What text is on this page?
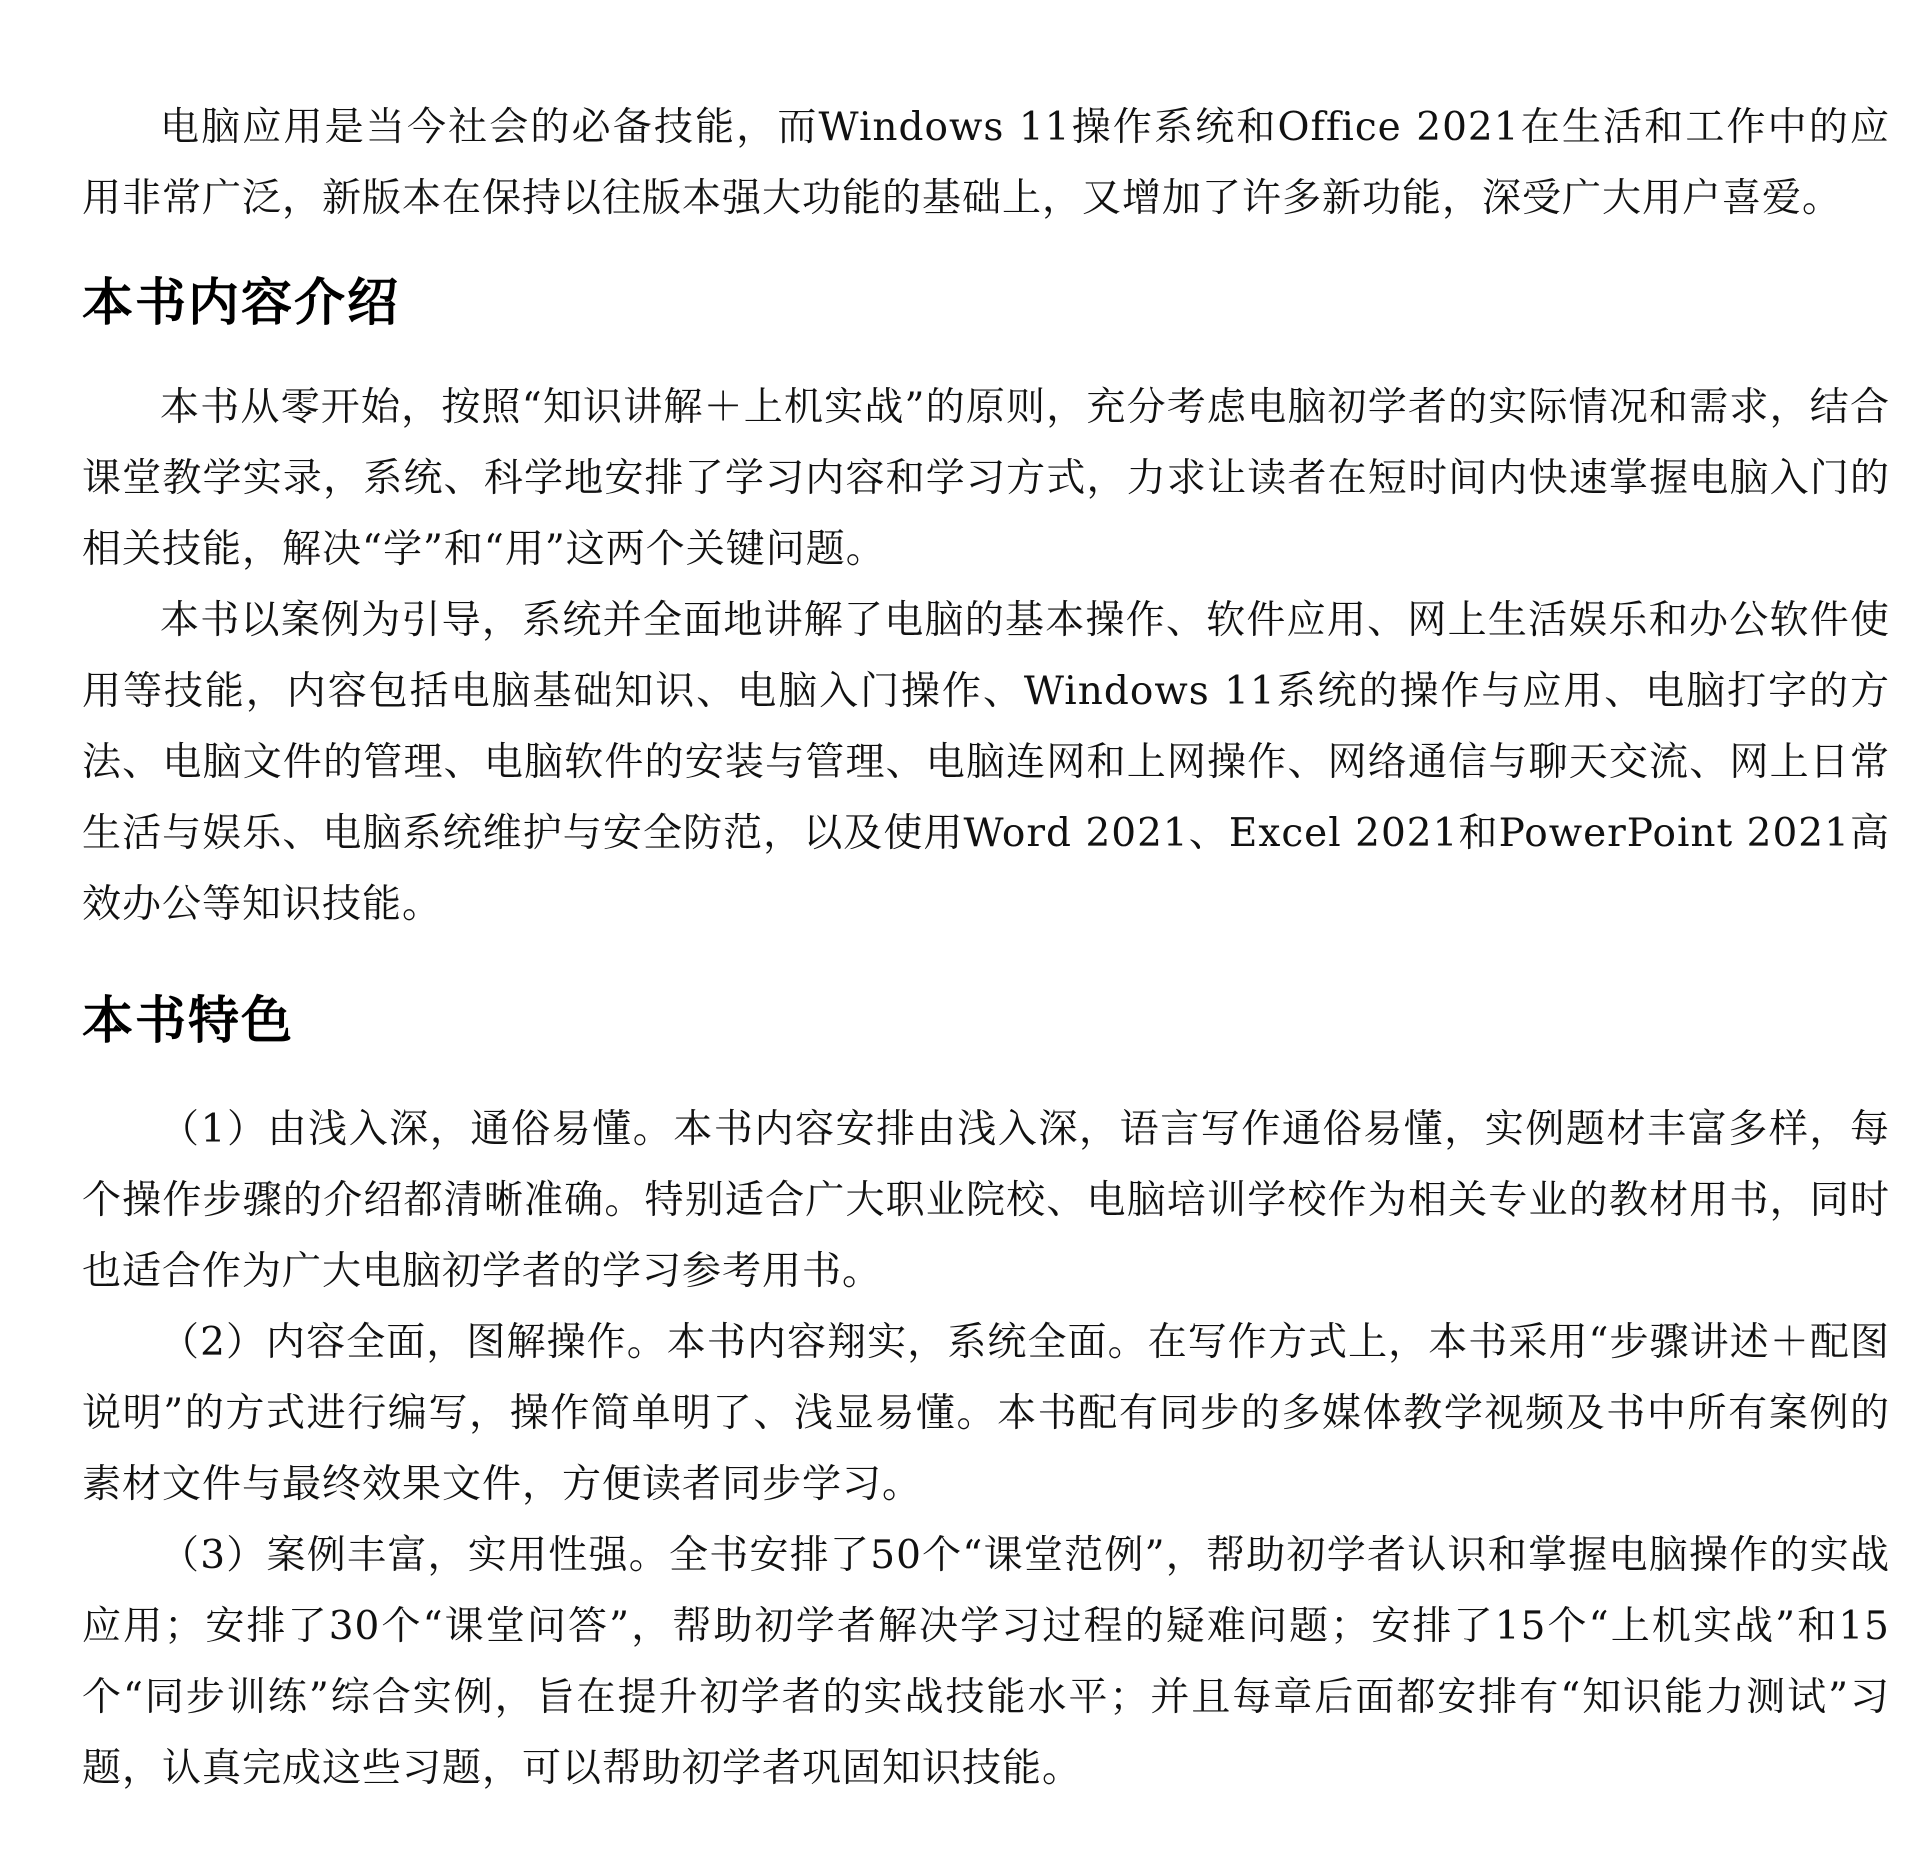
电脑应用是当今社会的必备技能，而Windows 11操作系统和Office 2021在生活和工作中的应用非常广泛，新版本在保持以往版本强大功能的基础上，又增加了许多新功能，深受广大用户喜爱。

本书内容介绍

本书从零开始，按照“知识讲解＋上机实战”的原则，充分考虑电脑初学者的实际情况和需求，结合课堂教学实录，系统、科学地安排了学习内容和学习方式，力求让读者在短时间内快速掌握电脑入门的相关技能，解决“学”和“用”这两个关键问题。

本书以案例为引导，系统并全面地讲解了电脑的基本操作、软件应用、网上生活娱乐和办公软件使用等技能，内容包括电脑基础知识、电脑入门操作、Windows 11系统的操作与应用、电脑打字的方法、电脑文件的管理、电脑软件的安装与管理、电脑连网和上网操作、网络通信与聊天交流、网上日常生活与娱乐、电脑系统维护与安全防范，以及使用Word 2021、Excel 2021和PowerPoint 2021高效办公等知识技能。

本书特色

（1）由浅入深，通俗易懂。本书内容安排由浅入深，语言写作通俗易懂，实例题材丰富多样，每个操作步骤的介绍都清晰准确。特别适合广大职业院校、电脑培训学校作为相关专业的教材用书，同时也适合作为广大电脑初学者的学习参考用书。

（2）内容全面，图解操作。本书内容翔实，系统全面。在写作方式上，本书采用“步骤讲述＋配图说明”的方式进行编写，操作简单明了、浅显易懂。本书配有同步的多媒体教学视频及书中所有案例的素材文件与最终效果文件，方便读者同步学习。

（3）案例丰富，实用性强。全书安排了50个“课堂范例”，帮助初学者认识和掌握电脑操作的实战应用；安排了30个“课堂问答”，帮助初学者解决学习过程的疑难问题；安排了15个“上机实战”和15个“同步训练”综合实例，旨在提升初学者的实战技能水平；并且每章后面都安排有“知识能力测试”习题，认真完成这些习题，可以帮助初学者巩固知识技能。
